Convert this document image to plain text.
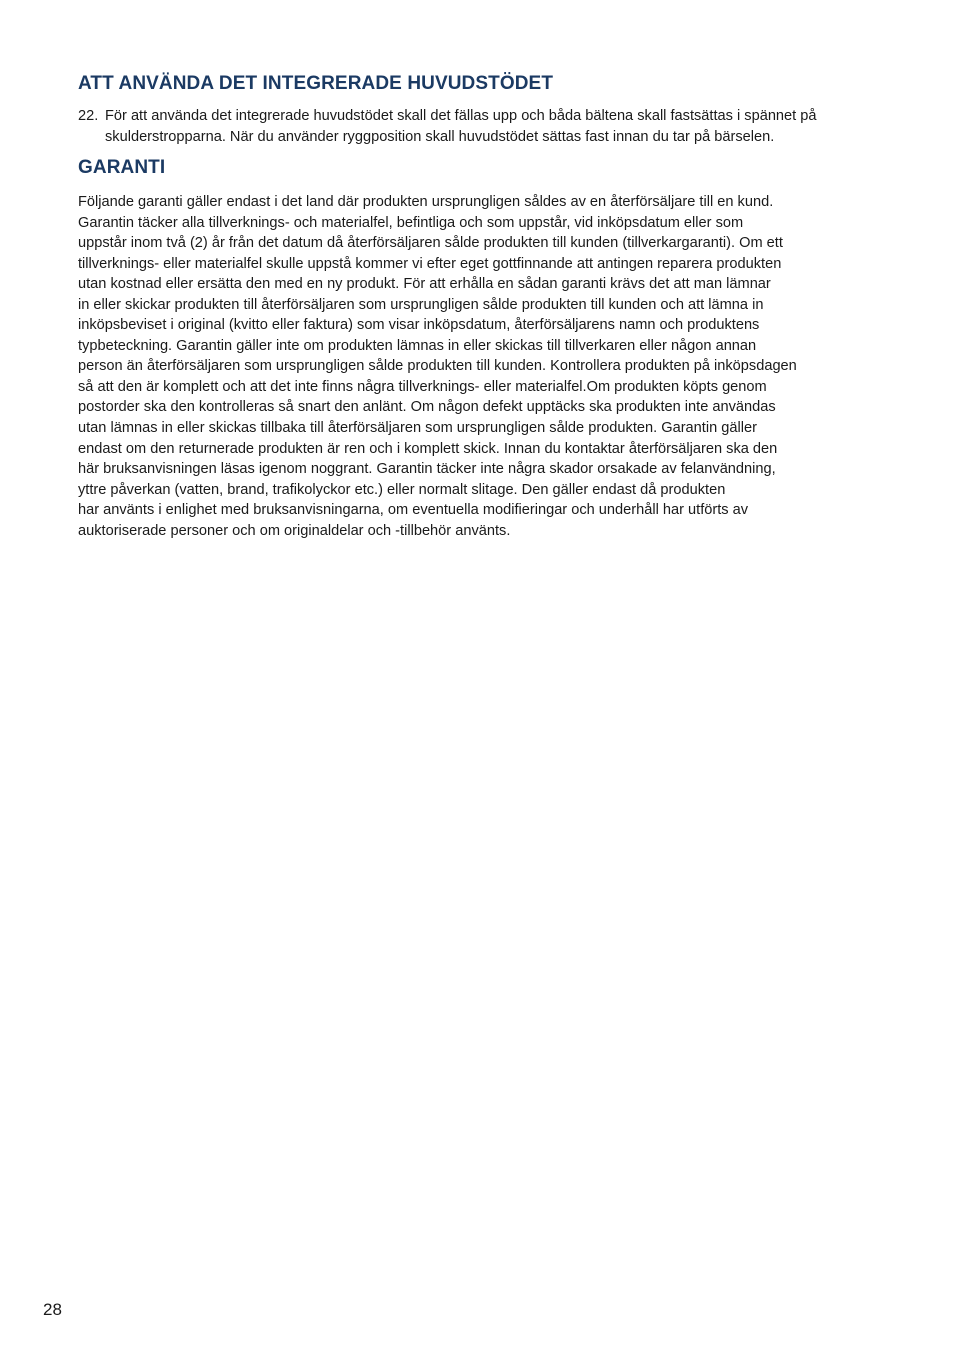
ATT ANVÄNDA DET INTEGRERADE HUVUDSTÖDET
22. För att använda det integrerade huvudstödet skall det fällas upp och båda bältena skall fastsättas i spännet på skulderstropparna. När du använder ryggposition skall huvudstödet sättas fast innan du tar på bärselen.
GARANTI

Följande garanti gäller endast i det land där produkten ursprungligen såldes av en återförsäljare till en kund.
Garantin täcker alla tillverknings- och materialfel, befintliga och som uppstår, vid inköpsdatum eller som
uppstår inom två (2) år från det datum då återförsäljaren sålde produkten till kunden (tillverkargaranti). Om ett
tillverknings- eller materialfel skulle uppstå kommer vi efter eget gottfinnande att antingen reparera produkten
utan kostnad eller ersätta den med en ny produkt. För att erhålla en sådan garanti krävs det att man lämnar
in eller skickar produkten till återförsäljaren som ursprungligen sålde produkten till kunden och att lämna in
inköpsbeviset i original (kvitto eller faktura) som visar inköpsdatum, återförsäljarens namn och produktens
typbeteckning. Garantin gäller inte om produkten lämnas in eller skickas till tillverkaren eller någon annan
person än återförsäljaren som ursprungligen sålde produkten till kunden. Kontrollera produkten på inköpsdagen
så att den är komplett och att det inte finns några tillverknings- eller materialfel.Om produkten köpts genom
postorder ska den kontrolleras så snart den anlänt. Om någon defekt upptäcks ska produkten inte användas
utan lämnas in eller skickas tillbaka till återförsäljaren som ursprungligen sålde produkten. Garantin gäller
endast om den returnerade produkten är ren och i komplett skick. Innan du kontaktar återförsäljaren ska den
här bruksanvisningen läsas igenom noggrant. Garantin täcker inte några skador orsakade av felanvändning,
yttre påverkan (vatten, brand, trafikolyckor etc.) eller normalt slitage. Den gäller endast då produkten
har använts i enlighet med bruksanvisningarna, om eventuella modifieringar och underhåll har utförts av
auktoriserade personer och om originaldelar och -tillbehör använts.

28
